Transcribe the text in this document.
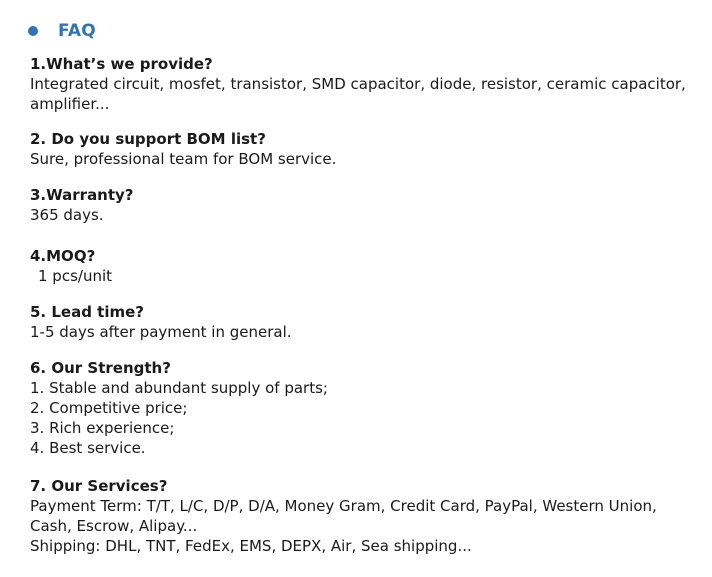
FAQ
1.What’s we provide?
Integrated circuit, mosfet, transistor, SMD capacitor, diode, resistor, ceramic capacitor,
amplifier...
2. Do you support BOM list?
Sure, professional team for BOM service.
3.Warranty?
365 days.
4.MOQ?
1 pcs/unit
5. Lead time?
1-5 days after payment in general.
6. Our Strength?
1. Stable and abundant supply of parts;
2. Competitive price;
3. Rich experience;
4. Best service.
7. Our Services?
Payment Term: T/T, L/C, D/P, D/A, Money Gram, Credit Card, PayPal, Western Union,
Cash, Escrow, Alipay...
Shipping: DHL, TNT, FedEx, EMS, DEPX, Air, Sea shipping...
